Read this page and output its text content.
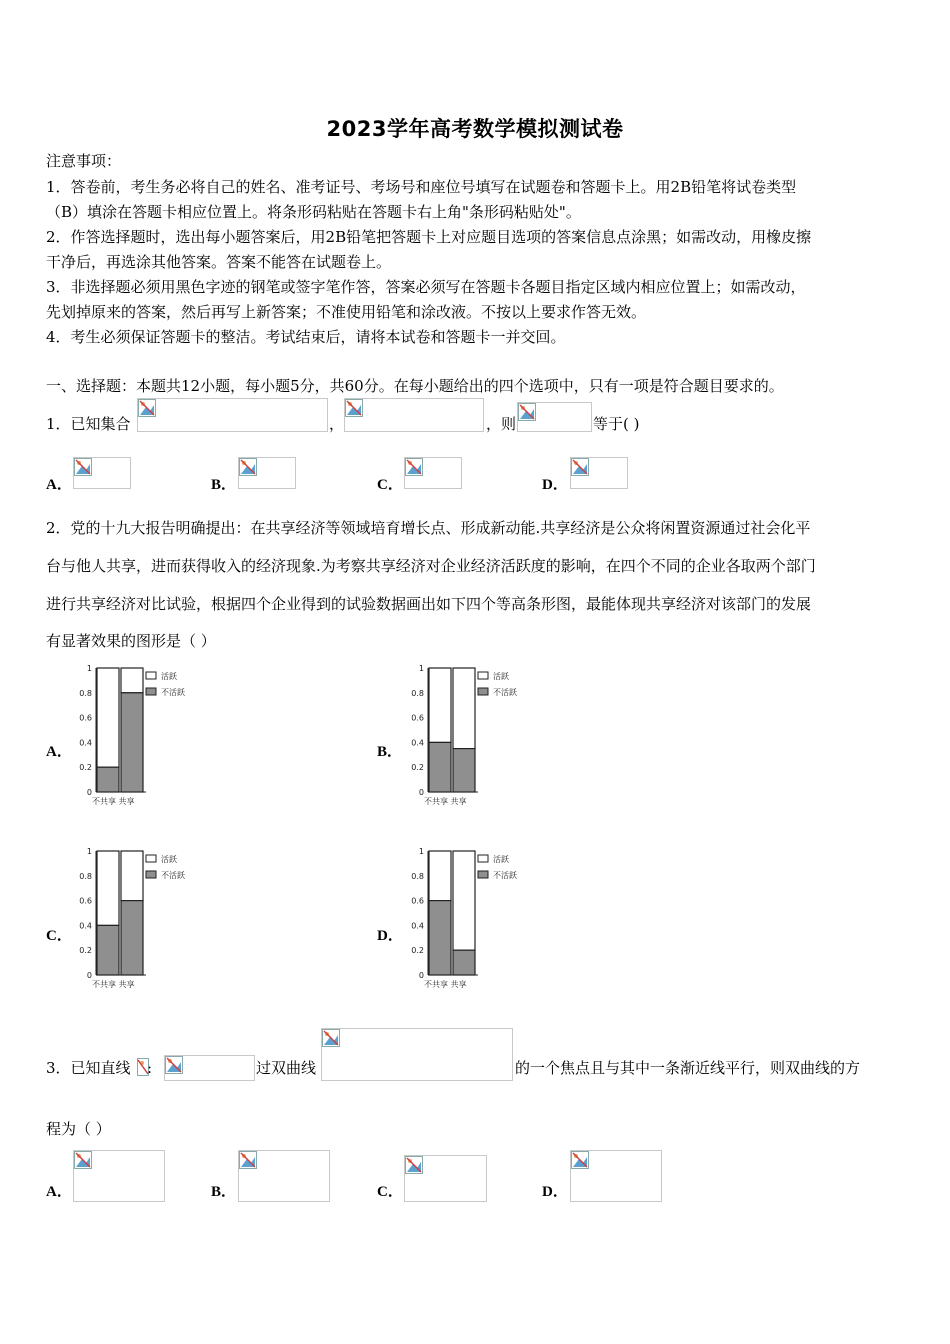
2023学年高考数学模拟测试卷
注意事项：
1．答卷前，考生务必将自己的姓名、准考证号、考场号和座位号填写在试题卷和答题卡上。用2B铅笔将试卷类型
（B）填涂在答题卡相应位置上。将条形码粘贴在答题卡右上角"条形码粘贴处"。
2．作答选择题时，选出每小题答案后，用2B铅笔把答题卡上对应题目选项的答案信息点涂黑；如需改动，用橡皮擦
干净后，再选涂其他答案。答案不能答在试题卷上。
3．非选择题必须用黑色字迹的钢笔或签字笔作答，答案必须写在答题卡各题目指定区域内相应位置上；如需改动，
先划掉原来的答案，然后再写上新答案；不准使用铅笔和涂改液。不按以上要求作答无效。
4．考生必须保证答题卡的整洁。考试结束后，请将本试卷和答题卡一并交回。
一、选择题：本题共12小题，每小题5分，共60分。在每小题给出的四个选项中，只有一项是符合题目要求的。
1．已知集合	，	，则	等于( )
A．	B．	C．	D．
2．党的十九大报告明确提出：在共享经济等领域培育增长点、形成新动能.共享经济是公众将闲置资源通过社会化平
台与他人共享，进而获得收入的经济现象.为考察共享经济对企业经济活跃度的影响，在四个不同的企业各取两个部门
进行共享经济对比试验，根据四个企业得到的试验数据画出如下四个等高条形图，最能体现共享经济对该部门的发展
有显著效果的图形是（ ）
A．
0
0.2
0.4
0.6
0.8
1
不共享 共享
活跃
不活跃
B．
0
0.2
0.4
0.6
0.8
1
不共享 共享
活跃
不活跃
C．
0
0.2
0.4
0.6
0.8
1
不共享 共享
活跃
不活跃
D．
0
0.2
0.4
0.6
0.8
1
不共享 共享
活跃
不活跃
3．已知直线 :	过双曲线	的一个焦点且与其中一条渐近线平行，则双曲线的方
程为（ ）
A．	B．	C．	D．
